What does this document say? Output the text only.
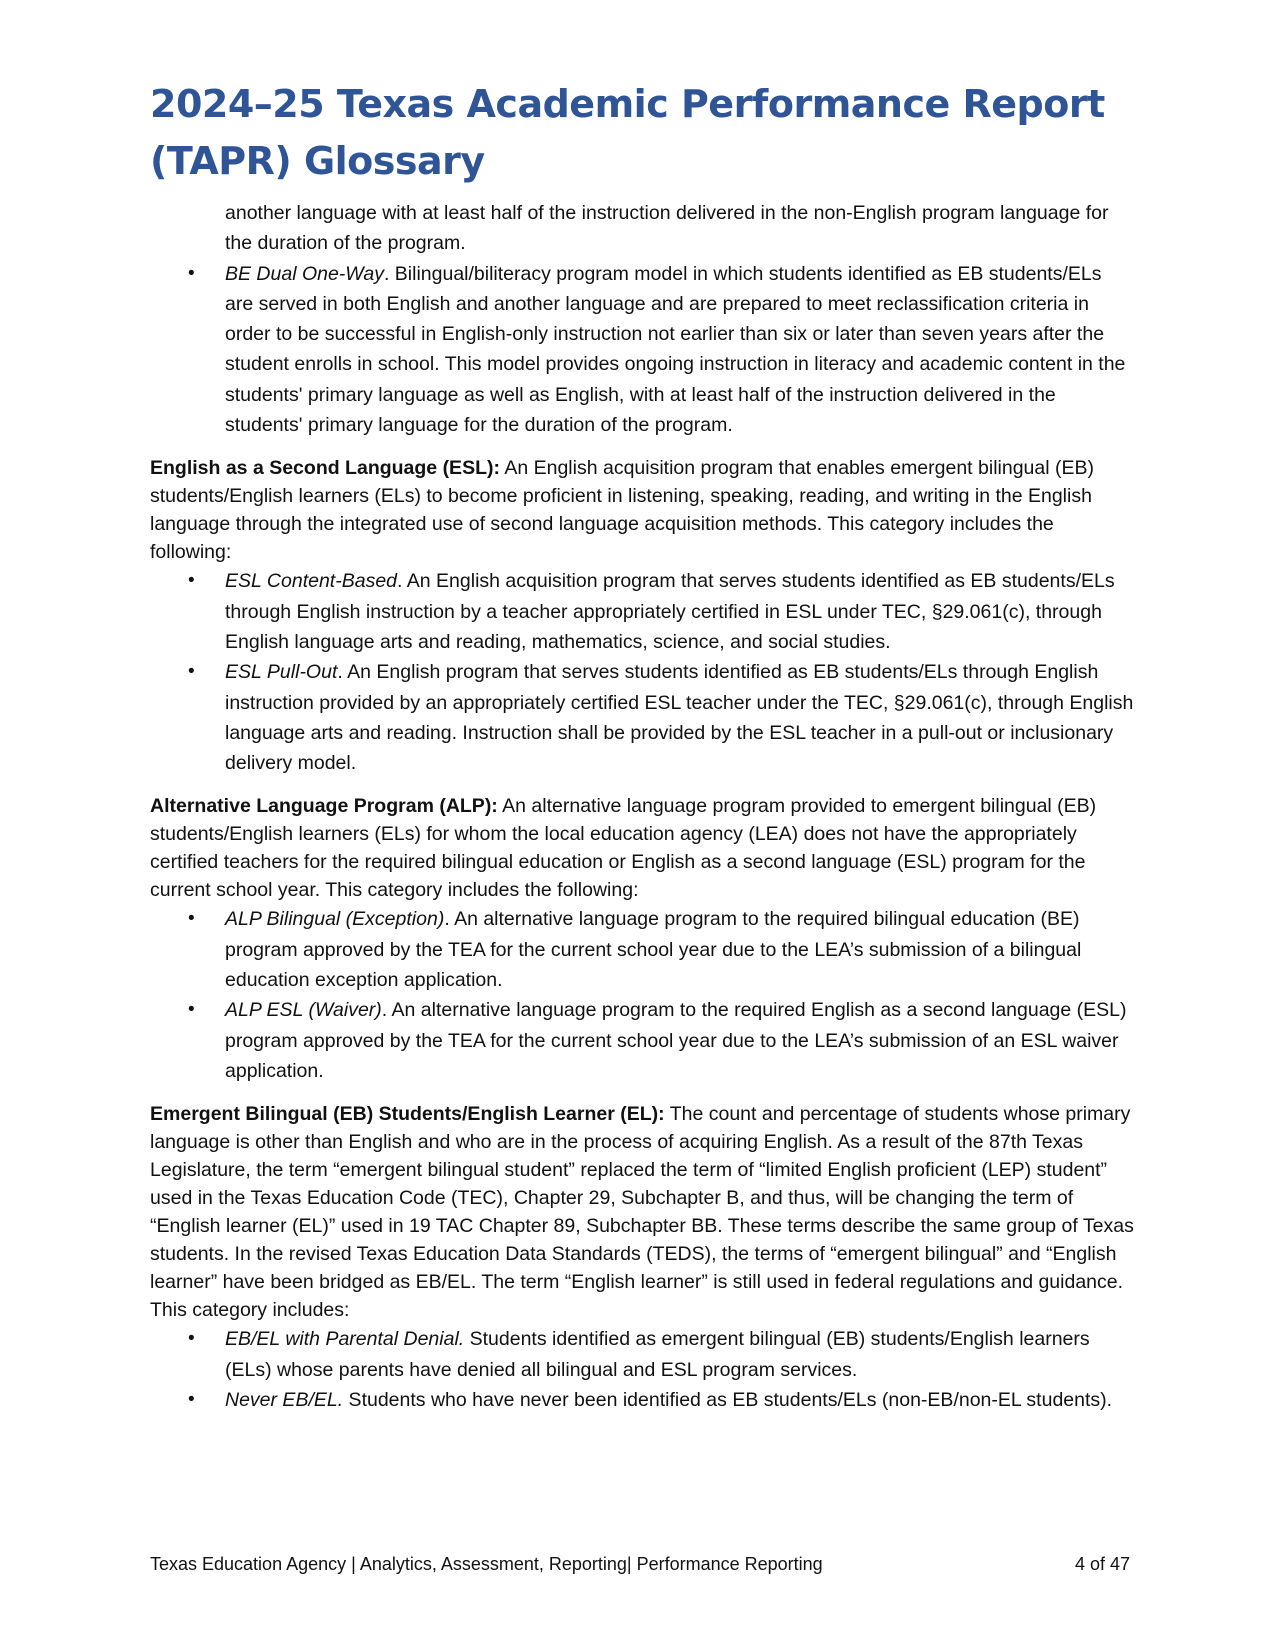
2024–25 Texas Academic Performance Report
(TAPR) Glossary
another language with at least half of the instruction delivered in the non-English program language for the duration of the program.
• BE Dual One-Way. Bilingual/biliteracy program model in which students identified as EB students/ELs are served in both English and another language and are prepared to meet reclassification criteria in order to be successful in English-only instruction not earlier than six or later than seven years after the student enrolls in school. This model provides ongoing instruction in literacy and academic content in the students' primary language as well as English, with at least half of the instruction delivered in the students' primary language for the duration of the program.
English as a Second Language (ESL): An English acquisition program that enables emergent bilingual (EB) students/English learners (ELs) to become proficient in listening, speaking, reading, and writing in the English language through the integrated use of second language acquisition methods. This category includes the following:
• ESL Content-Based. An English acquisition program that serves students identified as EB students/ELs through English instruction by a teacher appropriately certified in ESL under TEC, §29.061(c), through English language arts and reading, mathematics, science, and social studies.
• ESL Pull-Out. An English program that serves students identified as EB students/ELs through English instruction provided by an appropriately certified ESL teacher under the TEC, §29.061(c), through English language arts and reading. Instruction shall be provided by the ESL teacher in a pull-out or inclusionary delivery model.
Alternative Language Program (ALP): An alternative language program provided to emergent bilingual (EB) students/English learners (ELs) for whom the local education agency (LEA) does not have the appropriately certified teachers for the required bilingual education or English as a second language (ESL) program for the current school year. This category includes the following:
• ALP Bilingual (Exception). An alternative language program to the required bilingual education (BE) program approved by the TEA for the current school year due to the LEA’s submission of a bilingual education exception application.
• ALP ESL (Waiver). An alternative language program to the required English as a second language (ESL) program approved by the TEA for the current school year due to the LEA’s submission of an ESL waiver application.
Emergent Bilingual (EB) Students/English Learner (EL): The count and percentage of students whose primary language is other than English and who are in the process of acquiring English. As a result of the 87th Texas Legislature, the term “emergent bilingual student” replaced the term of “limited English proficient (LEP) student” used in the Texas Education Code (TEC), Chapter 29, Subchapter B, and thus, will be changing the term of “English learner (EL)” used in 19 TAC Chapter 89, Subchapter BB. These terms describe the same group of Texas students. In the revised Texas Education Data Standards (TEDS), the terms of “emergent bilingual” and “English learner” have been bridged as EB/EL. The term “English learner” is still used in federal regulations and guidance. This category includes:
• EB/EL with Parental Denial. Students identified as emergent bilingual (EB) students/English learners (ELs) whose parents have denied all bilingual and ESL program services.
• Never EB/EL. Students who have never been identified as EB students/ELs (non-EB/non-EL students).
Texas Education Agency | Analytics, Assessment, Reporting| Performance Reporting	4 of 47
